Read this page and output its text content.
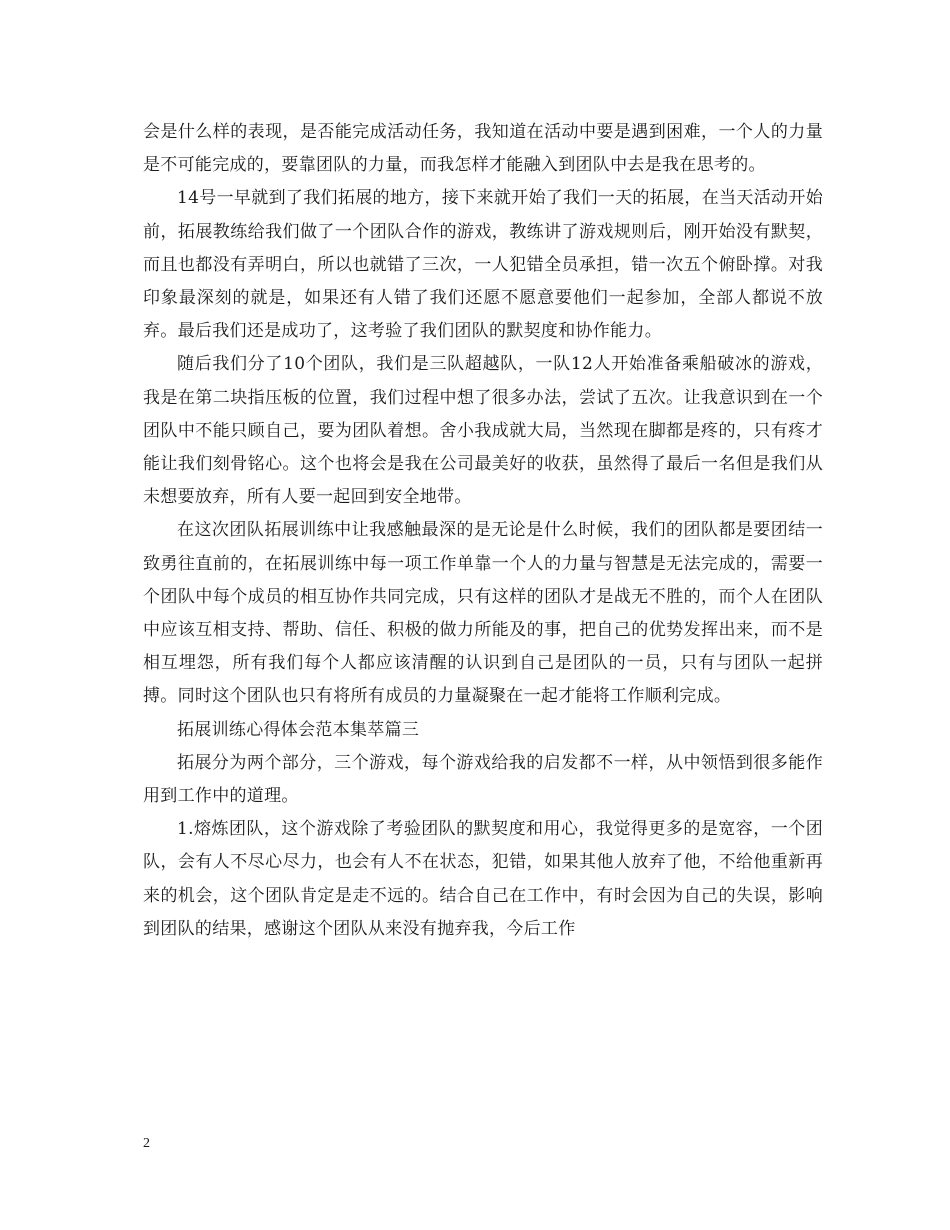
会是什么样的表现，是否能完成活动任务，我知道在活动中要是遇到困难，一个人的力量是不可能完成的，要靠团队的力量，而我怎样才能融入到团队中去是我在思考的。

14号一早就到了我们拓展的地方，接下来就开始了我们一天的拓展，在当天活动开始前，拓展教练给我们做了一个团队合作的游戏，教练讲了游戏规则后，刚开始没有默契，而且也都没有弄明白，所以也就错了三次，一人犯错全员承担，错一次五个俯卧撑。对我印象最深刻的就是，如果还有人错了我们还愿不愿意要他们一起参加，全部人都说不放弃。最后我们还是成功了，这考验了我们团队的默契度和协作能力。

随后我们分了10个团队，我们是三队超越队，一队12人开始准备乘船破冰的游戏，我是在第二块指压板的位置，我们过程中想了很多办法，尝试了五次。让我意识到在一个团队中不能只顾自己，要为团队着想。舍小我成就大局，当然现在脚都是疼的，只有疼才能让我们刻骨铭心。这个也将会是我在公司最美好的收获，虽然得了最后一名但是我们从未想要放弃，所有人要一起回到安全地带。

在这次团队拓展训练中让我感触最深的是无论是什么时候，我们的团队都是要团结一致勇往直前的，在拓展训练中每一项工作单靠一个人的力量与智慧是无法完成的，需要一个团队中每个成员的相互协作共同完成，只有这样的团队才是战无不胜的，而个人在团队中应该互相支持、帮助、信任、积极的做力所能及的事，把自己的优势发挥出来，而不是相互埋怨，所有我们每个人都应该清醒的认识到自己是团队的一员，只有与团队一起拼搏。同时这个团队也只有将所有成员的力量凝聚在一起才能将工作顺利完成。

拓展训练心得体会范本集萃篇三

拓展分为两个部分，三个游戏，每个游戏给我的启发都不一样，从中领悟到很多能作用到工作中的道理。

1.熔炼团队，这个游戏除了考验团队的默契度和用心，我觉得更多的是宽容，一个团队，会有人不尽心尽力，也会有人不在状态，犯错，如果其他人放弃了他，不给他重新再来的机会，这个团队肯定是走不远的。结合自己在工作中，有时会因为自己的失误，影响到团队的结果，感谢这个团队从来没有抛弃我，今后工作

2
